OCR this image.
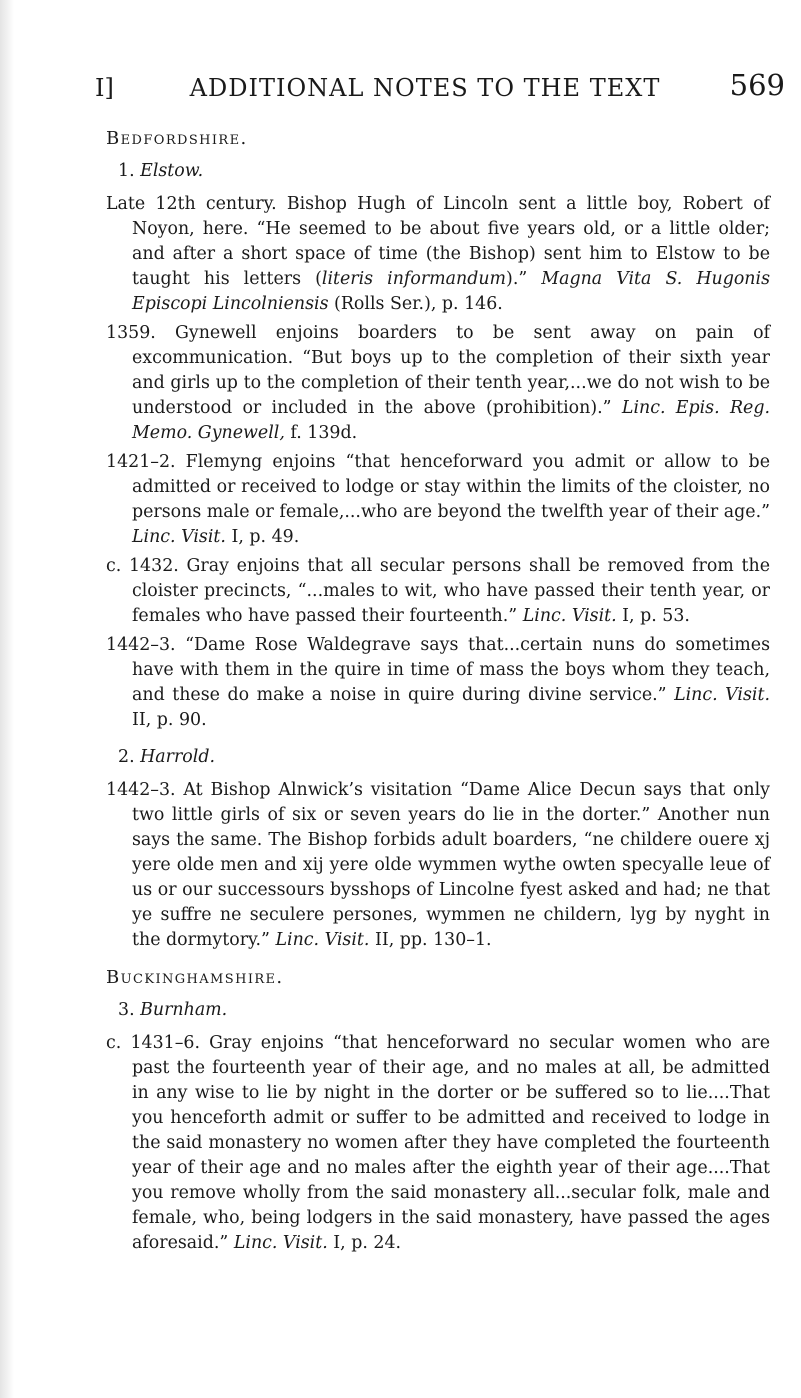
I]	ADDITIONAL NOTES TO THE TEXT	569
Bedfordshire.
1. Elstow.

Late 12th century. Bishop Hugh of Lincoln sent a little boy, Robert of Noyon, here. “He seemed to be about five years old, or a little older; and after a short space of time (the Bishop) sent him to Elstow to be taught his letters (literis informandum).” Magna Vita S. Hugonis Episcopi Lincolniensis (Rolls Ser.), p. 146.

1359. Gynewell enjoins boarders to be sent away on pain of excommunication. “But boys up to the completion of their sixth year and girls up to the completion of their tenth year,...we do not wish to be understood or included in the above (prohibition).” Linc. Epis. Reg. Memo. Gynewell, f. 139d.

1421–2. Flemyng enjoins “that henceforward you admit or allow to be admitted or received to lodge or stay within the limits of the cloister, no persons male or female,...who are beyond the twelfth year of their age.” Linc. Visit. I, p. 49.

c. 1432. Gray enjoins that all secular persons shall be removed from the cloister precincts, “...males to wit, who have passed their tenth year, or females who have passed their fourteenth.” Linc. Visit. I, p. 53.

1442–3. “Dame Rose Waldegrave says that...certain nuns do sometimes have with them in the quire in time of mass the boys whom they teach, and these do make a noise in quire during divine service.” Linc. Visit. II, p. 90.

2. Harrold.

1442–3. At Bishop Alnwick’s visitation “Dame Alice Decun says that only two little girls of six or seven years do lie in the dorter.” Another nun says the same. The Bishop forbids adult boarders, “ne childere ouere xj yere olde men and xij yere olde wymmen wythe owten specyalle leue of us or our successours bysshops of Lincolne fyest asked and had; ne that ye suffre ne seculere persones, wymmen ne childern, lyg by nyght in the dormytory.” Linc. Visit. II, pp. 130–1.

Buckinghamshire.
3. Burnham.

c. 1431–6. Gray enjoins “that henceforward no secular women who are past the fourteenth year of their age, and no males at all, be admitted in any wise to lie by night in the dorter or be suffered so to lie....That you henceforth admit or suffer to be admitted and received to lodge in the said monastery no women after they have completed the fourteenth year of their age and no males after the eighth year of their age....That you remove wholly from the said monastery all...secular folk, male and female, who, being lodgers in the said monastery, have passed the ages aforesaid.” Linc. Visit. I, p. 24.
